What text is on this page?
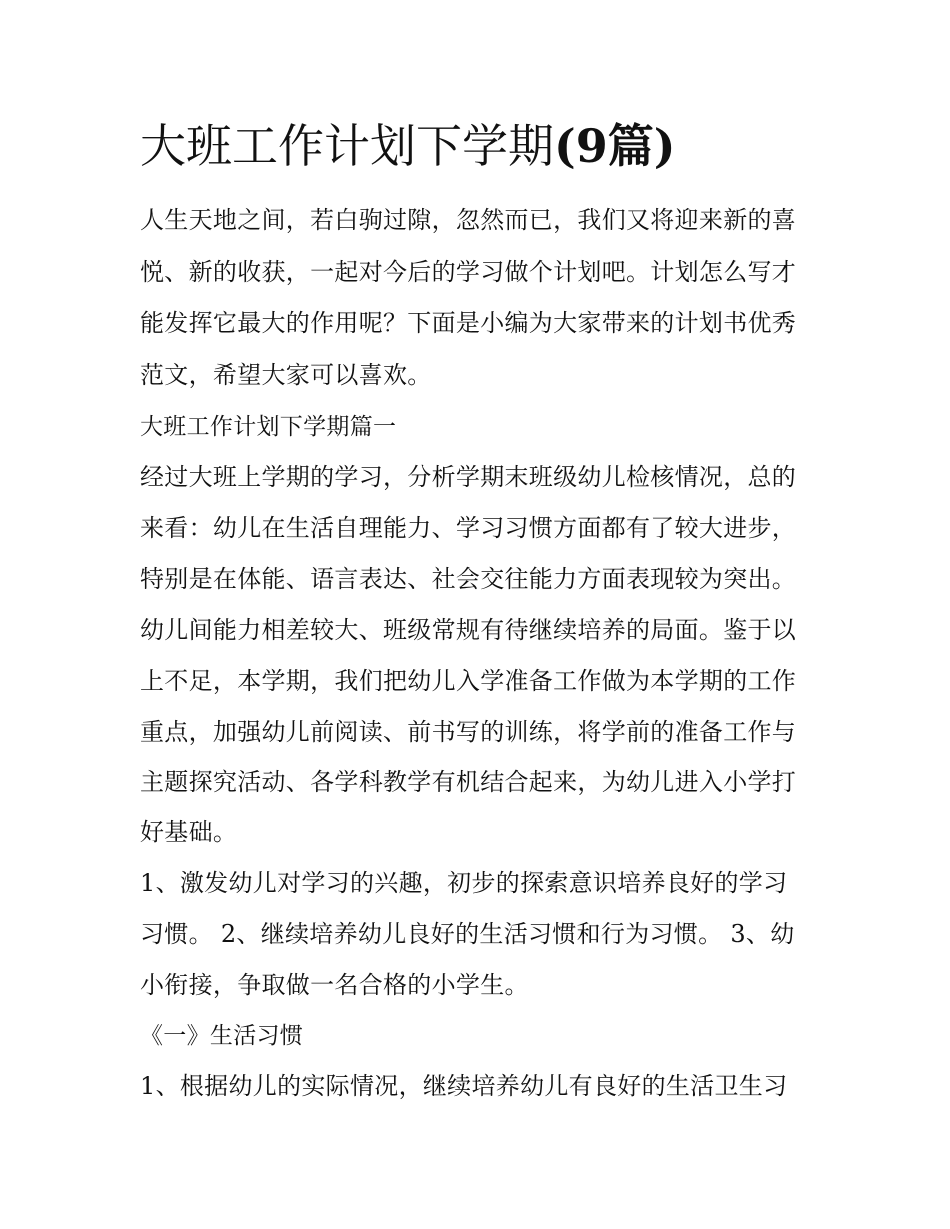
大班工作计划下学期(9篇)
人生天地之间，若白驹过隙，忽然而已，我们又将迎来新的喜
悦、新的收获，一起对今后的学习做个计划吧。计划怎么写才
能发挥它最大的作用呢？下面是小编为大家带来的计划书优秀
范文，希望大家可以喜欢。
大班工作计划下学期篇一
经过大班上学期的学习，分析学期末班级幼儿检核情况，总的
来看：幼儿在生活自理能力、学习习惯方面都有了较大进步，
特别是在体能、语言表达、社会交往能力方面表现较为突出。
幼儿间能力相差较大、班级常规有待继续培养的局面。鉴于以
上不足，本学期，我们把幼儿入学准备工作做为本学期的工作
重点，加强幼儿前阅读、前书写的训练，将学前的准备工作与
主题探究活动、各学科教学有机结合起来，为幼儿进入小学打
好基础。
1、激发幼儿对学习的兴趣，初步的探索意识培养良好的学习
习惯。 2、继续培养幼儿良好的生活习惯和行为习惯。 3、幼
小衔接，争取做一名合格的小学生。
《一》生活习惯
1、根据幼儿的实际情况，继续培养幼儿有良好的生活卫生习
